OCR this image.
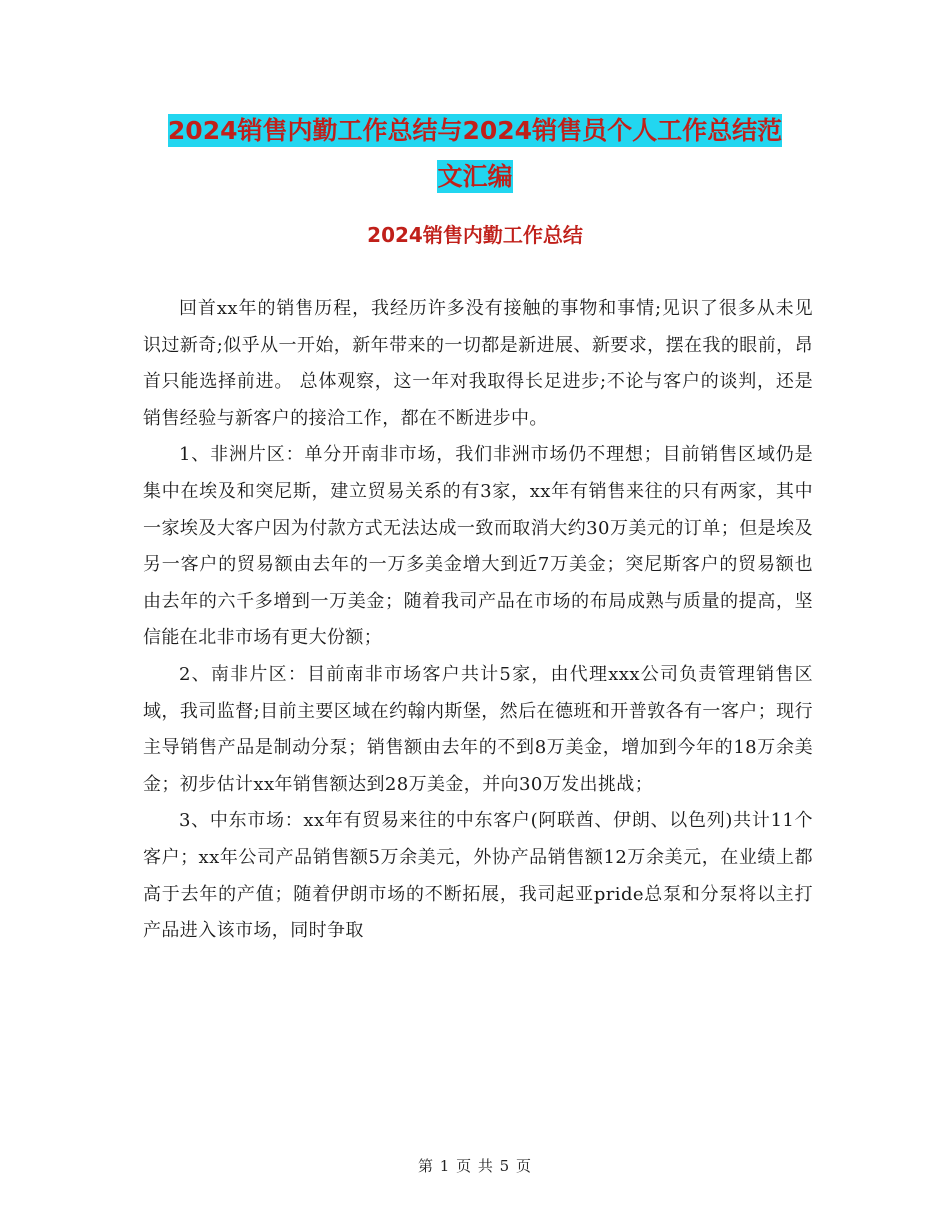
2024销售内勤工作总结与2024销售员个人工作总结范
文汇编
2024销售内勤工作总结

回首xx年的销售历程，我经历许多没有接触的事物和事情;见识了很多从未见识过新奇;似乎从一开始，新年带来的一切都是新进展、新要求，摆在我的眼前，昂首只能选择前进。 总体观察，这一年对我取得长足进步;不论与客户的谈判，还是销售经验与新客户的接洽工作，都在不断进步中。

1、非洲片区：单分开南非市场，我们非洲市场仍不理想；目前销售区域仍是集中在埃及和突尼斯，建立贸易关系的有3家，xx年有销售来往的只有两家，其中一家埃及大客户因为付款方式无法达成一致而取消大约30万美元的订单；但是埃及另一客户的贸易额由去年的一万多美金增大到近7万美金；突尼斯客户的贸易额也由去年的六千多增到一万美金；随着我司产品在市场的布局成熟与质量的提高，坚信能在北非市场有更大份额；

2、南非片区：目前南非市场客户共计5家，由代理xxx公司负责管理销售区域，我司监督;目前主要区域在约翰内斯堡，然后在德班和开普敦各有一客户；现行主导销售产品是制动分泵；销售额由去年的不到8万美金，增加到今年的18万余美金；初步估计xx年销售额达到28万美金，并向30万发出挑战；

3、中东市场：xx年有贸易来往的中东客户(阿联酋、伊朗、以色列)共计11个客户；xx年公司产品销售额5万余美元，外协产品销售额12万余美元，在业绩上都高于去年的产值；随着伊朗市场的不断拓展，我司起亚pride总泵和分泵将以主打产品进入该市场，同时争取

第 1 页 共 5 页
